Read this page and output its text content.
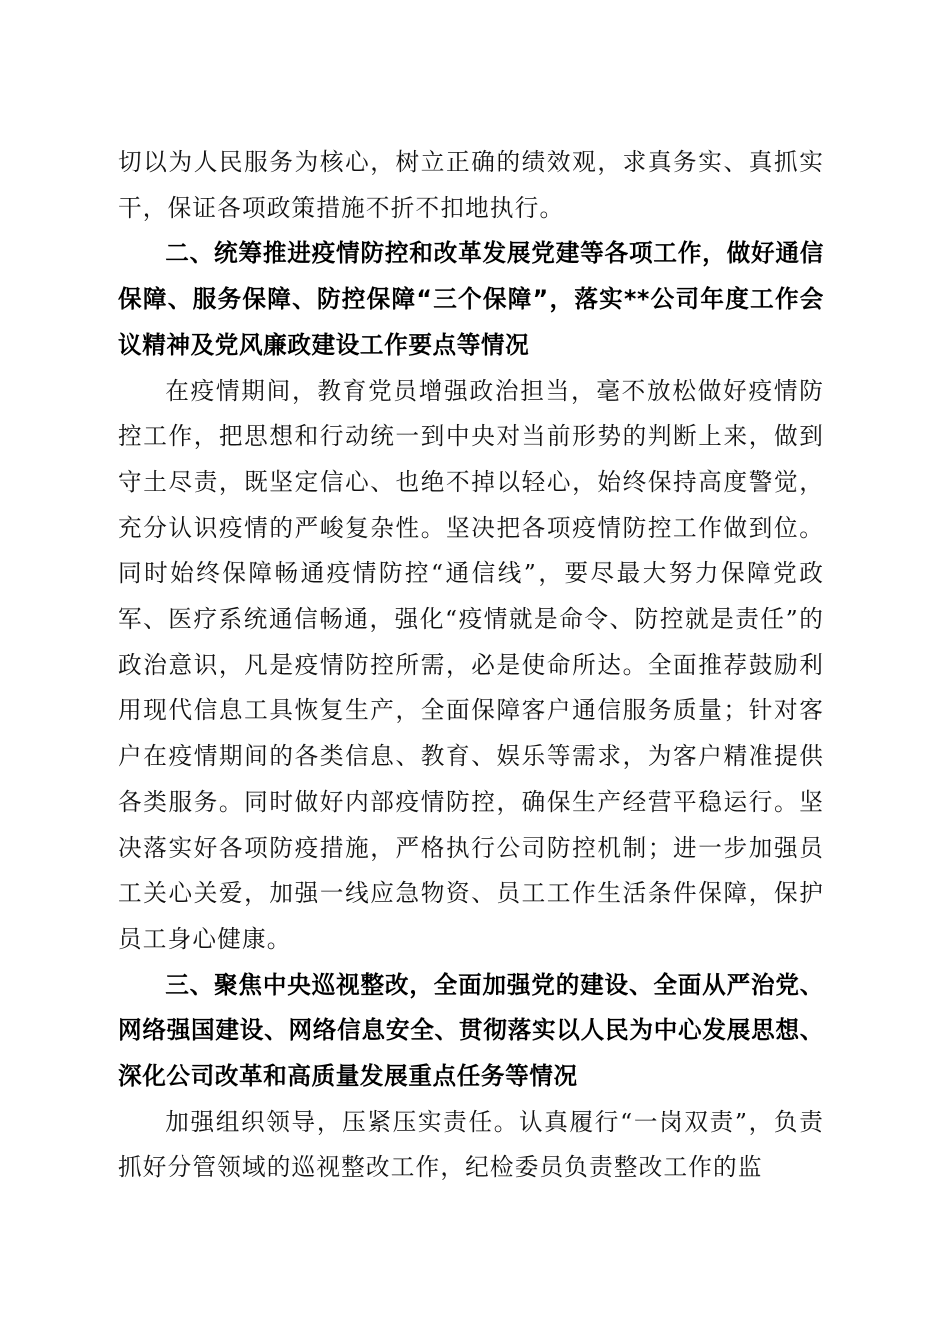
切以为人民服务为核心，树立正确的绩效观，求真务实、真抓实干，保证各项政策措施不折不扣地执行。

二、统筹推进疫情防控和改革发展党建等各项工作，做好通信保障、服务保障、防控保障“三个保障”，落实**公司年度工作会议精神及党风廉政建设工作要点等情况

在疫情期间，教育党员增强政治担当，毫不放松做好疫情防控工作，把思想和行动统一到中央对当前形势的判断上来，做到守土尽责，既坚定信心、也绝不掉以轻心，始终保持高度警觉，充分认识疫情的严峻复杂性。坚决把各项疫情防控工作做到位。同时始终保障畅通疫情防控“通信线”，要尽最大努力保障党政军、医疗系统通信畅通，强化“疫情就是命令、防控就是责任”的政治意识，凡是疫情防控所需，必是使命所达。全面推荐鼓励利用现代信息工具恢复生产，全面保障客户通信服务质量；针对客户在疫情期间的各类信息、教育、娱乐等需求，为客户精准提供各类服务。同时做好内部疫情防控，确保生产经营平稳运行。坚决落实好各项防疫措施，严格执行公司防控机制；进一步加强员工关心关爱，加强一线应急物资、员工工作生活条件保障，保护员工身心健康。

三、聚焦中央巡视整改，全面加强党的建设、全面从严治党、网络强国建设、网络信息安全、贯彻落实以人民为中心发展思想、深化公司改革和高质量发展重点任务等情况

加强组织领导，压紧压实责任。认真履行“一岗双责”，负责抓好分管领域的巡视整改工作，纪检委员负责整改工作的监
